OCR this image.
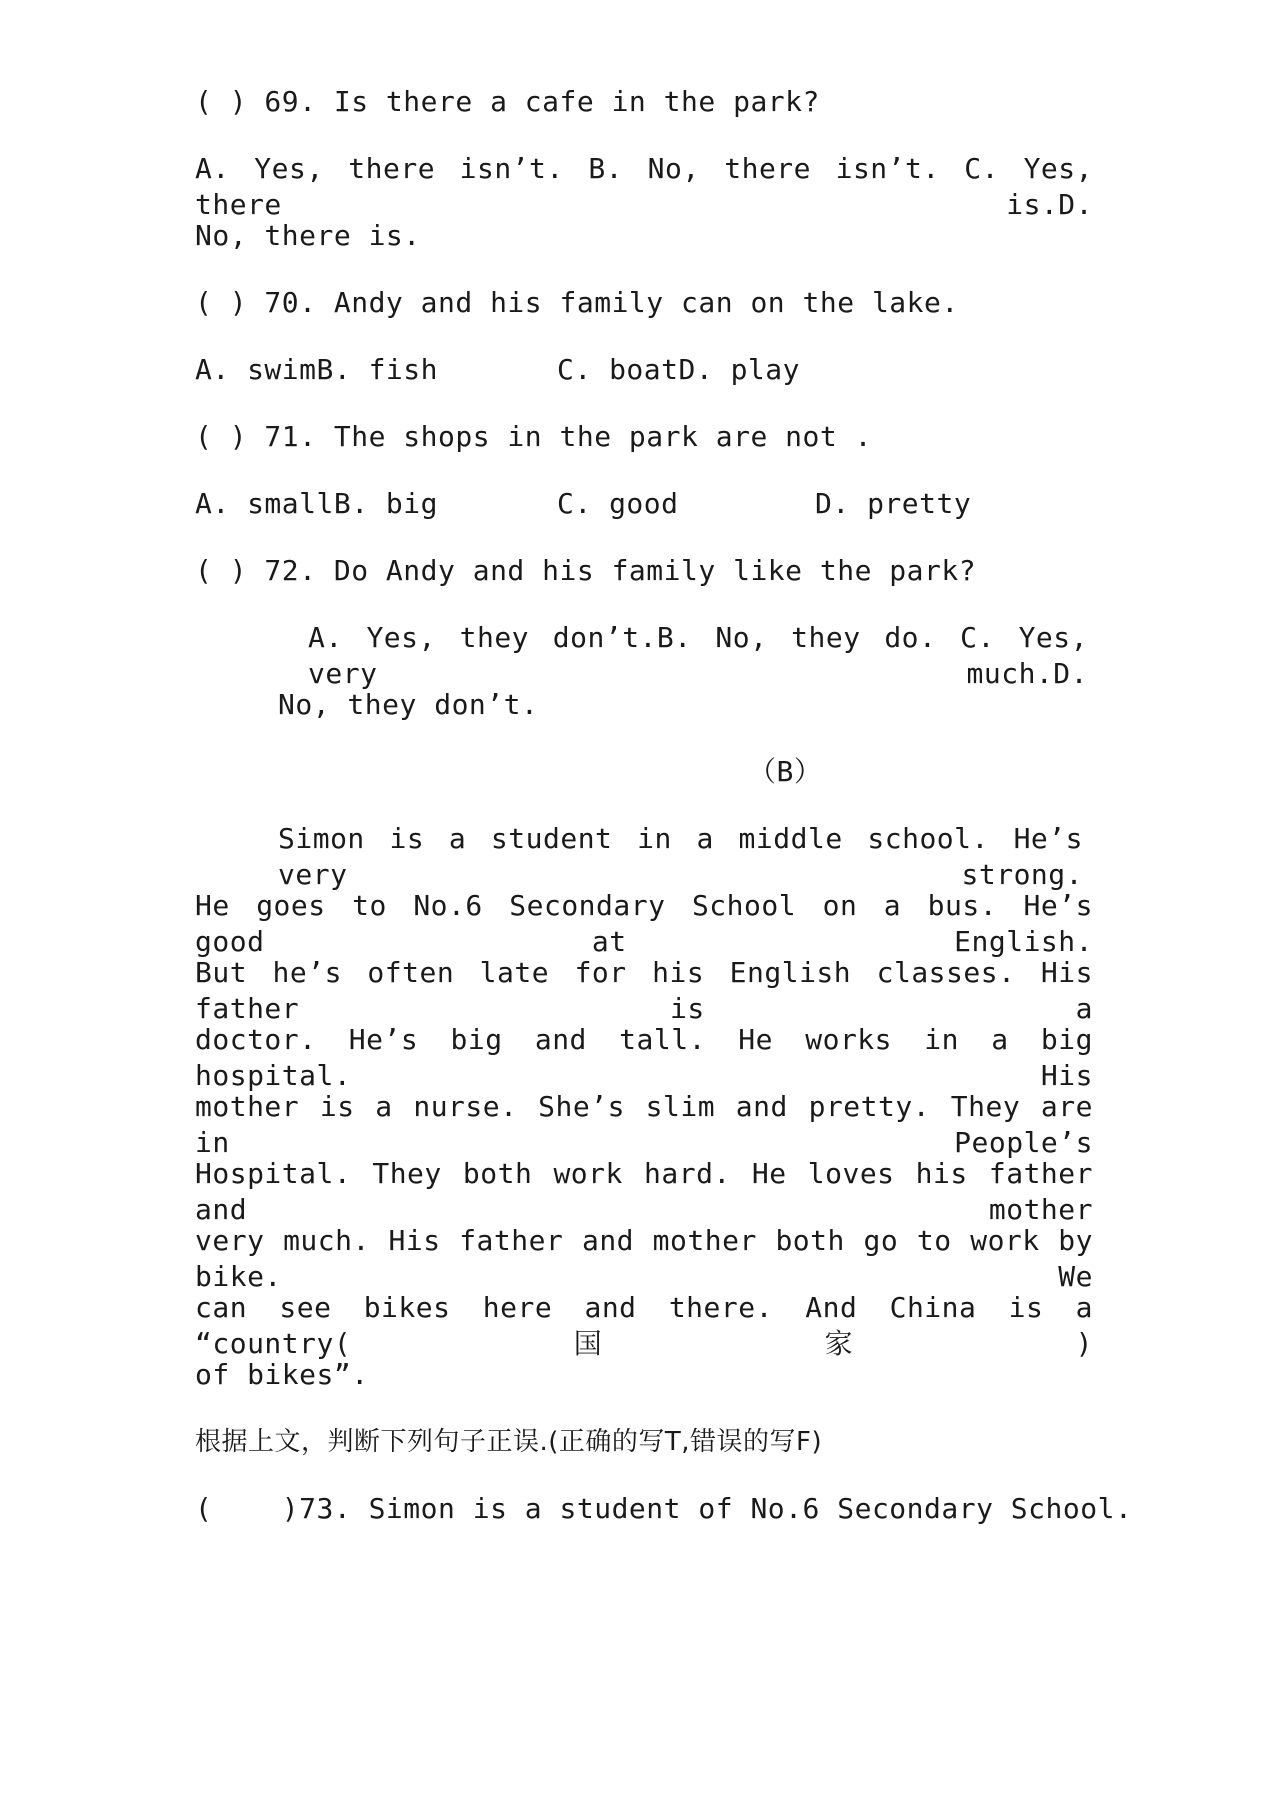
( ) 69. Is there a cafe in the park?
A. Yes, there isn’t. B. No, there isn’t. C. Yes, there is.D.
No, there is.
( ) 70. Andy and his family can on the lake.

A. swimB. fish

	C. boatD. play

( ) 71. The shops in the park are not .

A. smallB. big

	C. good

	D. pretty

( ) 72. Do Andy and his family like the park?
A. Yes, they don’t.B. No, they do. C. Yes, very much.D.
No, they don’t.
（B）
Simon is a student in a middle school. He’s very strong.
He goes to No.6 Secondary School on a bus. He’s good at English.
But he’s often late for his English classes. His father is a
doctor. He’s big and tall. He works in a big hospital. His
mother is a nurse. She’s slim and pretty. They are in People’s
Hospital. They both work hard. He loves his father and mother
very much. His father and mother both go to work by bike. We
can see bikes here and there. And China is a “country(国家)
of bikes”.
根据上文，判断下列句子正误.(正确的写T,错误的写F)
(    )73. Simon is a student of No.6 Secondary School.
